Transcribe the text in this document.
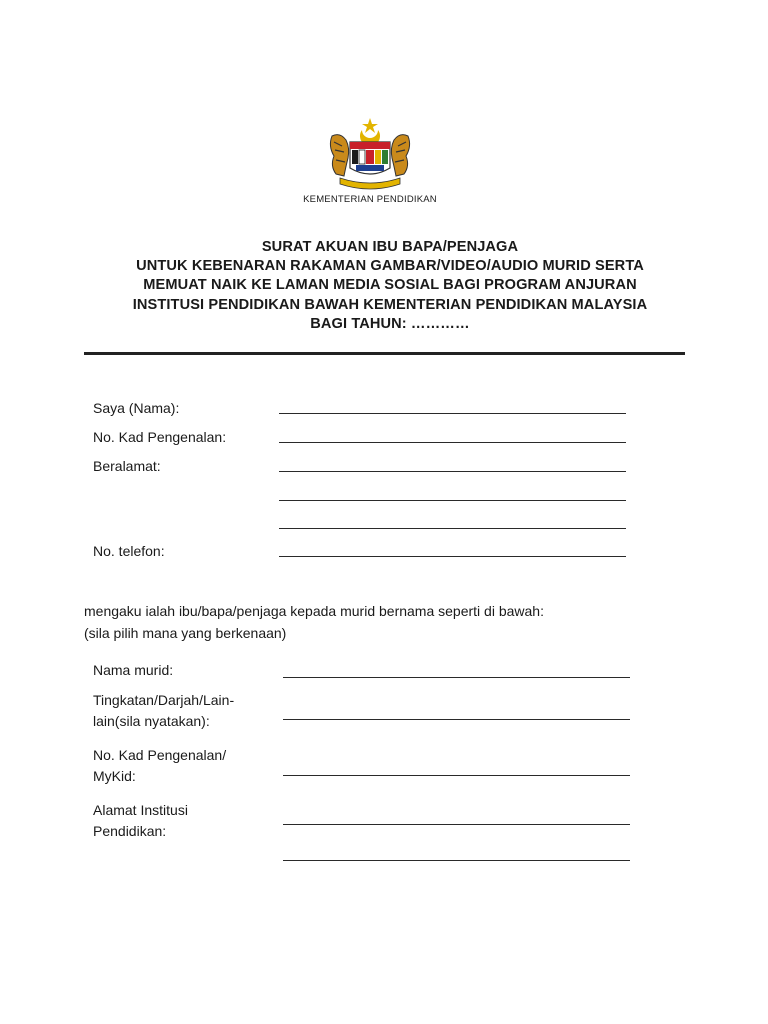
KEMENTERIAN PENDIDIKAN
SURAT AKUAN IBU BAPA/PENJAGA
UNTUK KEBENARAN RAKAMAN GAMBAR/VIDEO/AUDIO MURID SERTA
MEMUAT NAIK KE LAMAN MEDIA SOSIAL BAGI PROGRAM ANJURAN
INSTITUSI PENDIDIKAN BAWAH KEMENTERIAN PENDIDIKAN MALAYSIA
BAGI TAHUN: …………
Saya (Nama):
No. Kad Pengenalan:
Beralamat:
No. telefon:
mengaku ialah ibu/bapa/penjaga kepada murid bernama seperti di bawah:
(sila pilih mana yang berkenaan)
Nama murid:
Tingkatan/Darjah/Lain-
lain(sila nyatakan):
No. Kad Pengenalan/
MyKid:
Alamat Institusi
Pendidikan:
